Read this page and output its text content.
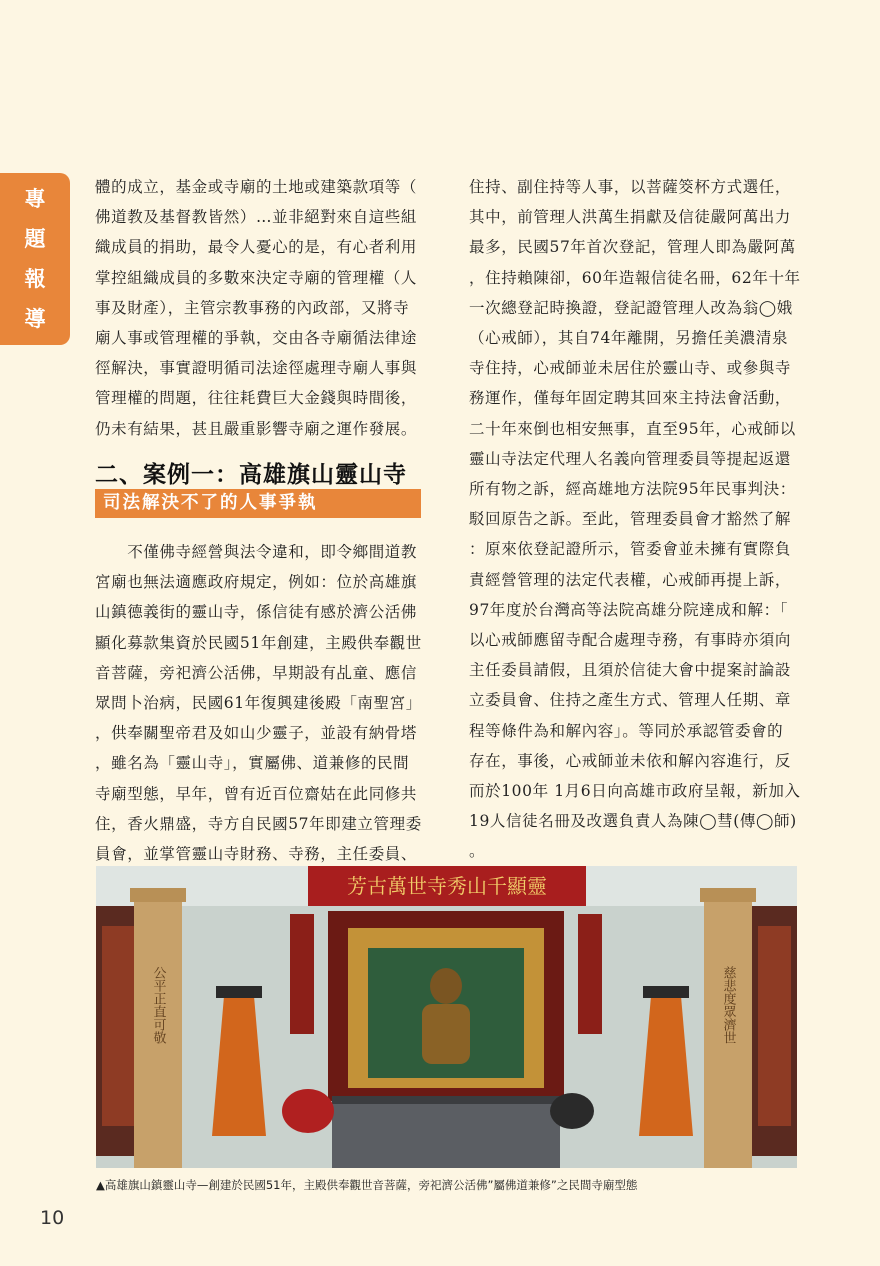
專
題
報
導

體的成立，基金或寺廟的土地或建築款項等（

佛道教及基督教皆然）…並非絕對來自這些組

織成員的捐助，最令人憂心的是，有心者利用

掌控組織成員的多數來決定寺廟的管理權（人

事及財產），主管宗教事務的內政部，又將寺

廟人事或管理權的爭執，交由各寺廟循法律途

徑解決，事實證明循司法途徑處理寺廟人事與

管理權的問題，往往耗費巨大金錢與時間後，

仍未有結果，甚且嚴重影響寺廟之運作發展。

二、案例一：高雄旗山靈山寺
司法解決不了的人事爭執

　　不僅佛寺經營與法令違和，即令鄉間道教

宮廟也無法適應政府規定，例如：位於高雄旗

山鎮德義街的靈山寺，係信徒有感於濟公活佛

顯化募款集資於民國51年創建，主殿供奉觀世

音菩薩，旁祀濟公活佛，早期設有乩童、應信

眾問卜治病，民國61年復興建後殿「南聖宮」

，供奉關聖帝君及如山少靈子，並設有納骨塔

，雖名為「靈山寺」，實屬佛、道兼修的民間

寺廟型態，早年，曾有近百位齋姑在此同修共

住，香火鼎盛，寺方自民國57年即建立管理委

員會，並掌管靈山寺財務、寺務，主任委員、

住持、副住持等人事，以菩薩筊杯方式選任，

其中，前管理人洪萬生捐獻及信徒嚴阿萬出力

最多，民國57年首次登記，管理人即為嚴阿萬

，住持賴陳卻，60年造報信徒名冊，62年十年

一次總登記時換證，登記證管理人改為翁◯娥

（心戒師），其自74年離開，另擔任美濃清泉

寺住持，心戒師並未居住於靈山寺、或參與寺

務運作，僅每年固定聘其回來主持法會活動，

二十年來倒也相安無事，直至95年，心戒師以

靈山寺法定代理人名義向管理委員等提起返還

所有物之訴，經高雄地方法院95年民事判決：

駁回原告之訴。至此，管理委員會才豁然了解

：原來依登記證所示，管委會並未擁有實際負

責經營管理的法定代表權，心戒師再提上訴，

97年度於台灣高等法院高雄分院達成和解：「

以心戒師應留寺配合處理寺務，有事時亦須向

主任委員請假，且須於信徒大會中提案討論設

立委員會、住持之產生方式、管理人任期、章

程等條件為和解內容」。等同於承認管委會的

存在，事後，心戒師並未依和解內容進行，反

而於100年 1月6日向高雄市政府呈報，新加入

19人信徒名冊及改選負責人為陳◯彗(傳◯師)

。

芳古萬世寺秀山千顯靈
公平正直可敬	慈悲度眾濟世
▲高雄旗山鎮靈山寺—創建於民國51年，主殿供奉觀世音菩薩，旁祀濟公活佛”屬佛道兼修”之民間寺廟型態
10
